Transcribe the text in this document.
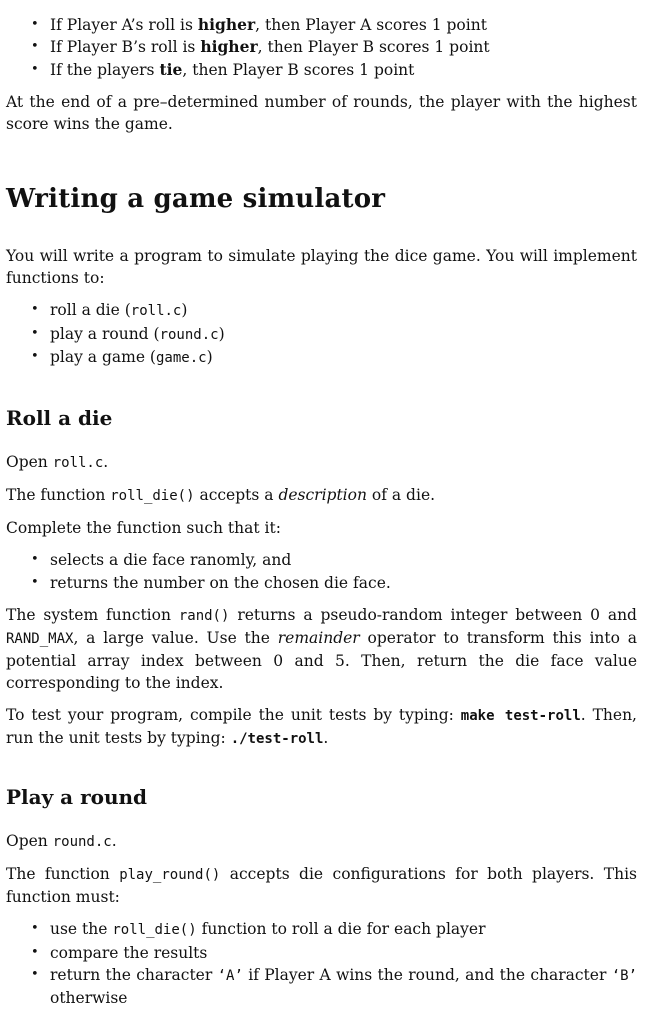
• If Player A’s roll is higher, then Player A scores 1 point
• If Player B’s roll is higher, then Player B scores 1 point
• If the players tie, then Player B scores 1 point

At the end of a pre–determined number of rounds, the player with the highest score wins the game.

Writing a game simulator

You will write a program to simulate playing the dice game. You will implement functions to:

• roll a die (roll.c)
• play a round (round.c)
• play a game (game.c)
Roll a die

Open roll.c.

The function roll_die() accepts a description of a die.

Complete the function such that it:

• selects a die face ranomly, and
• returns the number on the chosen die face.

The system function rand() returns a pseudo-random integer between 0 and RAND_MAX, a large value. Use the remainder operator to transform this into a potential array index between 0 and 5. Then, return the die face value corresponding to the index.

To test your program, compile the unit tests by typing: make test-roll. Then, run the unit tests by typing: ./test-roll.

Play a round

Open round.c.

The function play_round() accepts die configurations for both players. This function must:

• use the roll_die() function to roll a die for each player
• compare the results
• return the character ‘A’ if Player A wins the round, and the character ‘B’ otherwise
